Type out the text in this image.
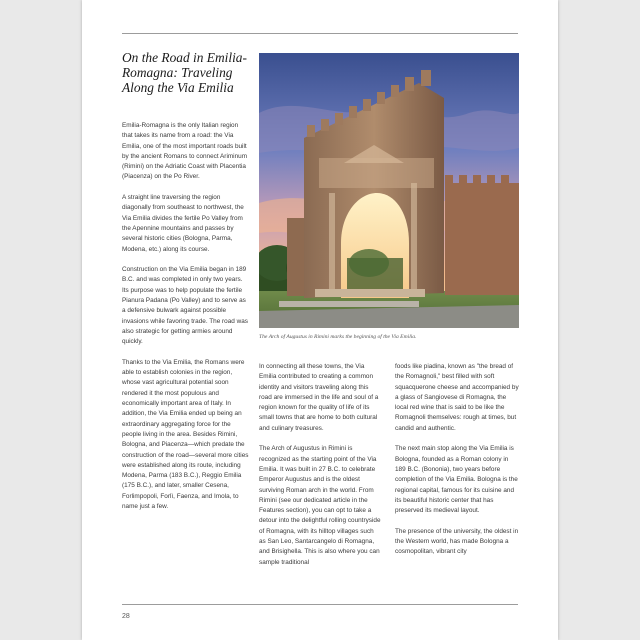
On the Road in Emilia-Romagna: Traveling Along the Via Emilia

Emilia-Romagna is the only Italian region that takes its name from a road: the Via Emilia, one of the most important roads built by the ancient Romans to connect Ariminum (Rimini) on the Adriatic Coast with Placentia (Piacenza) on the Po River.

A straight line traversing the region diagonally from southeast to northwest, the Via Emilia divides the fertile Po Valley from the Apennine mountains and passes by several historic cities (Bologna, Parma, Modena, etc.) along its course.

Construction on the Via Emilia began in 189 B.C. and was completed in only two years. Its purpose was to help populate the fertile Pianura Padana (Po Valley) and to serve as a defensive bulwark against possible invasions while favoring trade. The road was also strategic for getting armies around quickly.

Thanks to the Via Emilia, the Romans were able to establish colonies in the region, whose vast agricultural potential soon rendered it the most populous and economically important area of Italy. In addition, the Via Emilia ended up being an extraordinary aggregating force for the people living in the area. Besides Rimini, Bologna, and Piacenza—which predate the construction of the road—several more cities were established along its route, including Modena, Parma (183 B.C.), Reggio Emilia (175 B.C.), and later, smaller Cesena, Forlimpopoli, Forlì, Faenza, and Imola, to name just a few.

The Arch of Augustus in Rimini marks the beginning of the Via Emilia.

In connecting all these towns, the Via Emilia contributed to creating a common identity and visitors traveling along this road are immersed in the life and soul of a region known for the quality of life of its small towns that are home to both cultural and culinary treasures.

The Arch of Augustus in Rimini is recognized as the starting point of the Via Emilia. It was built in 27 B.C. to celebrate Emperor Augustus and is the oldest surviving Roman arch in the world. From Rimini (see our dedicated article in the Features section), you can opt to take a detour into the delightful rolling countryside of Romagna, with its hilltop villages such as San Leo, Santarcangelo di Romagna, and Brisighella. This is also where you can sample traditional

foods like piadina, known as "the bread of the Romagnoli," best filled with soft squacquerone cheese and accompanied by a glass of Sangiovese di Romagna, the local red wine that is said to be like the Romagnoli themselves: rough at times, but candid and authentic.

The next main stop along the Via Emilia is Bologna, founded as a Roman colony in 189 B.C. (Bononia), two years before completion of the Via Emilia. Bologna is the regional capital, famous for its cuisine and its beautiful historic center that has preserved its medieval layout.

The presence of the university, the oldest in the Western world, has made Bologna a cosmopolitan, vibrant city

28
